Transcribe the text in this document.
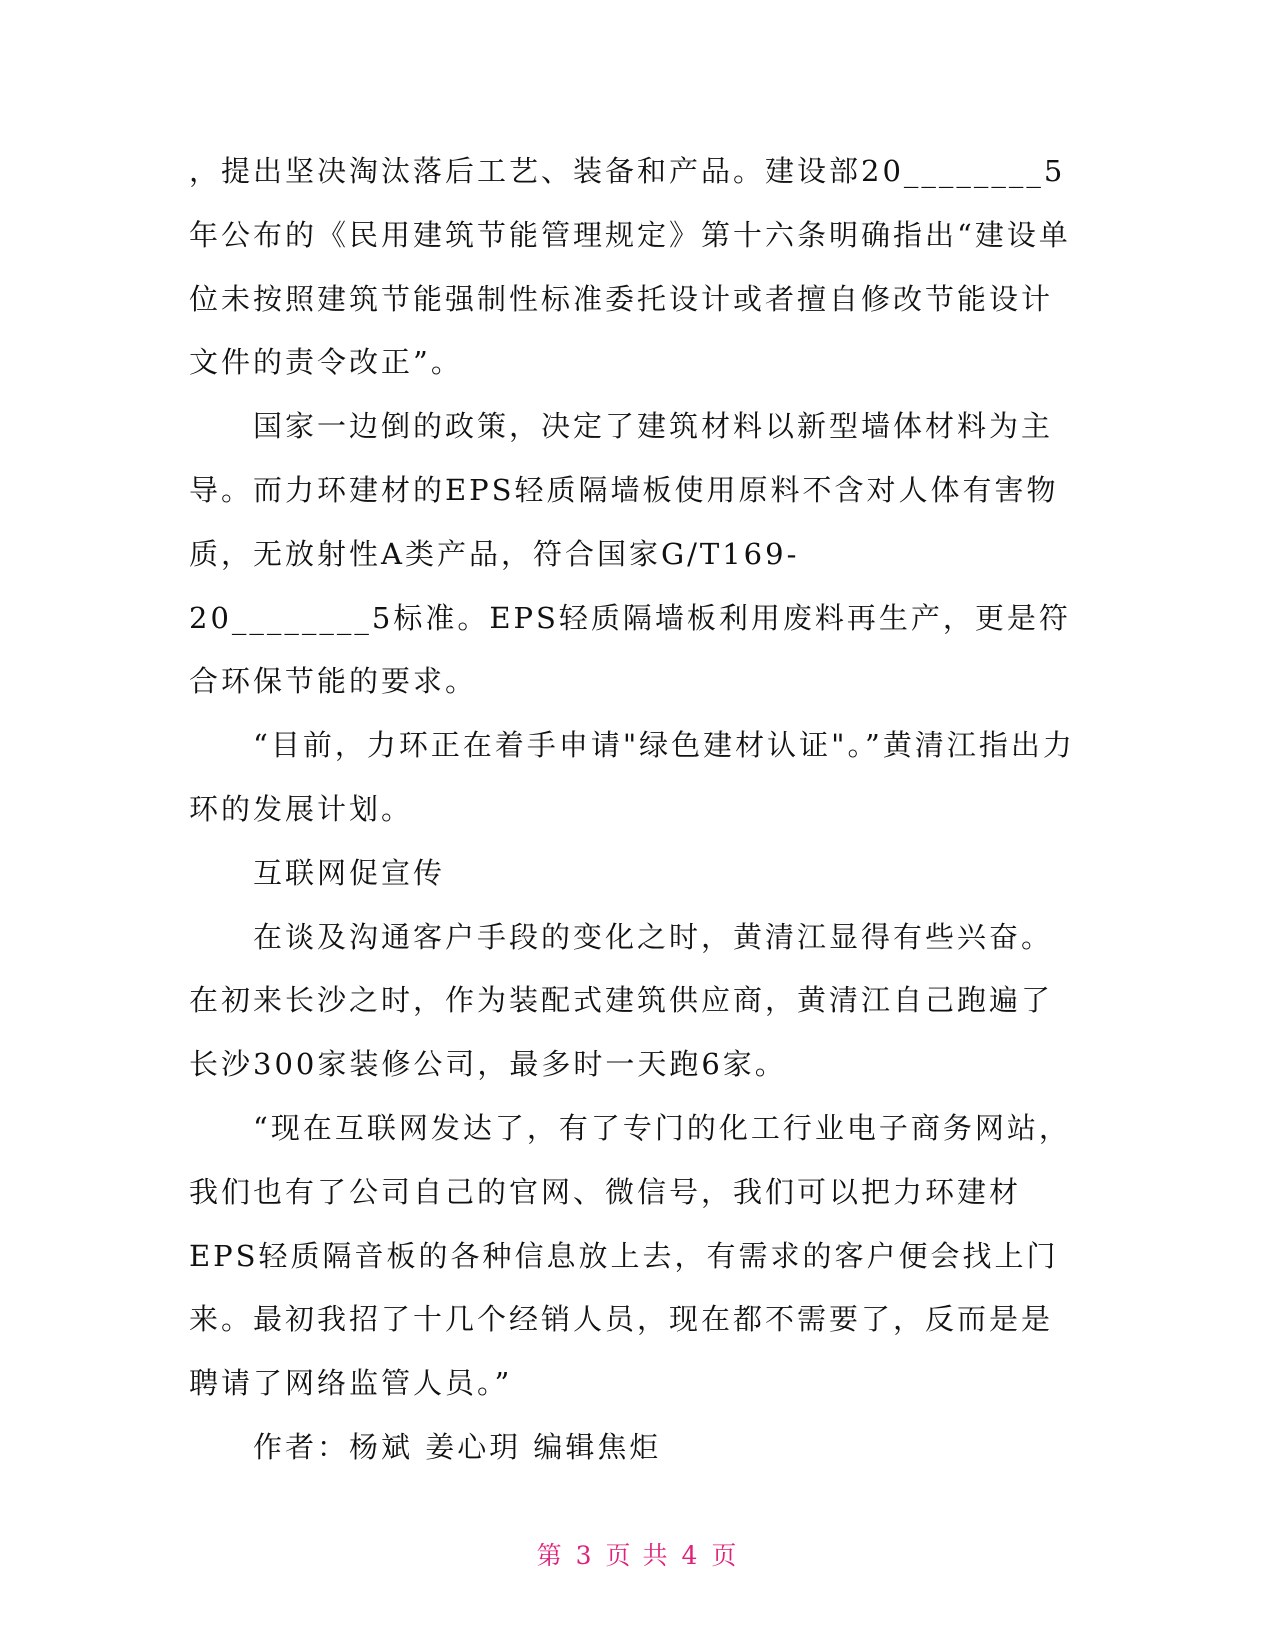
，提出坚决淘汰落后工艺、装备和产品。建设部20________5年公布的《民用建筑节能管理规定》第十六条明确指出“建设单位未按照建筑节能强制性标准委托设计或者擅自修改节能设计文件的责令改正”。

国家一边倒的政策，决定了建筑材料以新型墙体材料为主导。而力环建材的EPS轻质隔墙板使用原料不含对人体有害物质，无放射性A类产品，符合国家G/T169-

20________5标准。EPS轻质隔墙板利用废料再生产，更是符合环保节能的要求。

“目前，力环正在着手申请"绿色建材认证"。”黄清江指出力环的发展计划。

互联网促宣传

在谈及沟通客户手段的变化之时，黄清江显得有些兴奋。在初来长沙之时，作为装配式建筑供应商，黄清江自己跑遍了长沙300家装修公司，最多时一天跑6家。

“现在互联网发达了，有了专门的化工行业电子商务网站，我们也有了公司自己的官网、微信号，我们可以把力环建材EPS轻质隔音板的各种信息放上去，有需求的客户便会找上门来。最初我招了十几个经销人员，现在都不需要了，反而是是聘请了网络监管人员。”

作者：杨斌 姜心玥 编辑焦炬

第 3 页 共 4 页
